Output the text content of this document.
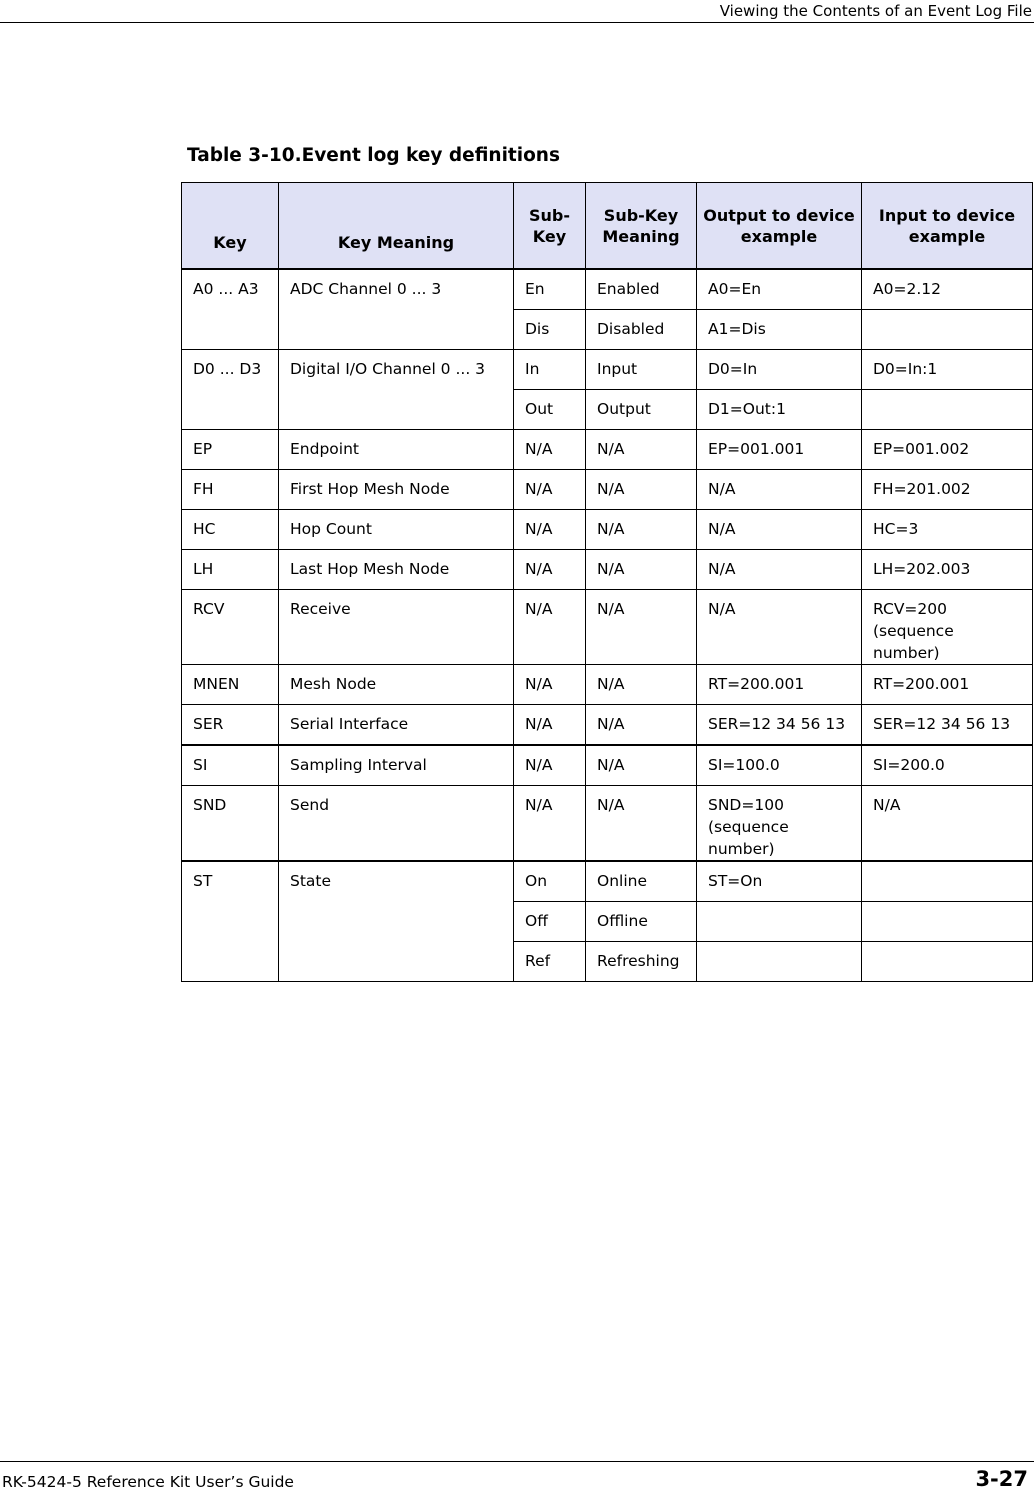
Viewing the Contents of an Event Log File
Table 3-10.Event log key definitions
Key	Key Meaning	Sub-Key	Sub-Key Meaning	Output to device example	Input to device example
A0 ... A3	ADC Channel 0 ... 3	En	Enabled	A0=En	A0=2.12
		Dis	Disabled	A1=Dis	
D0 ... D3	Digital I/O Channel 0 ... 3	In	Input	D0=In	D0=In:1
		Out	Output	D1=Out:1	
EP	Endpoint	N/A	N/A	EP=001.001	EP=001.002
FH	First Hop Mesh Node	N/A	N/A	N/A	FH=201.002
HC	Hop Count	N/A	N/A	N/A	HC=3
LH	Last Hop Mesh Node	N/A	N/A	N/A	LH=202.003
RCV	Receive	N/A	N/A	N/A	RCV=200 (sequence number)
MNEN	Mesh Node	N/A	N/A	RT=200.001	RT=200.001
SER	Serial Interface	N/A	N/A	SER=12 34 56 13	SER=12 34 56 13
SI	Sampling Interval	N/A	N/A	SI=100.0	SI=200.0
SND	Send	N/A	N/A	SND=100 (sequence number)	N/A
ST	State	On	Online	ST=On	
		Off	Offline		
		Ref	Refreshing		
RK-5424-5 Reference Kit User’s Guide	3-27
